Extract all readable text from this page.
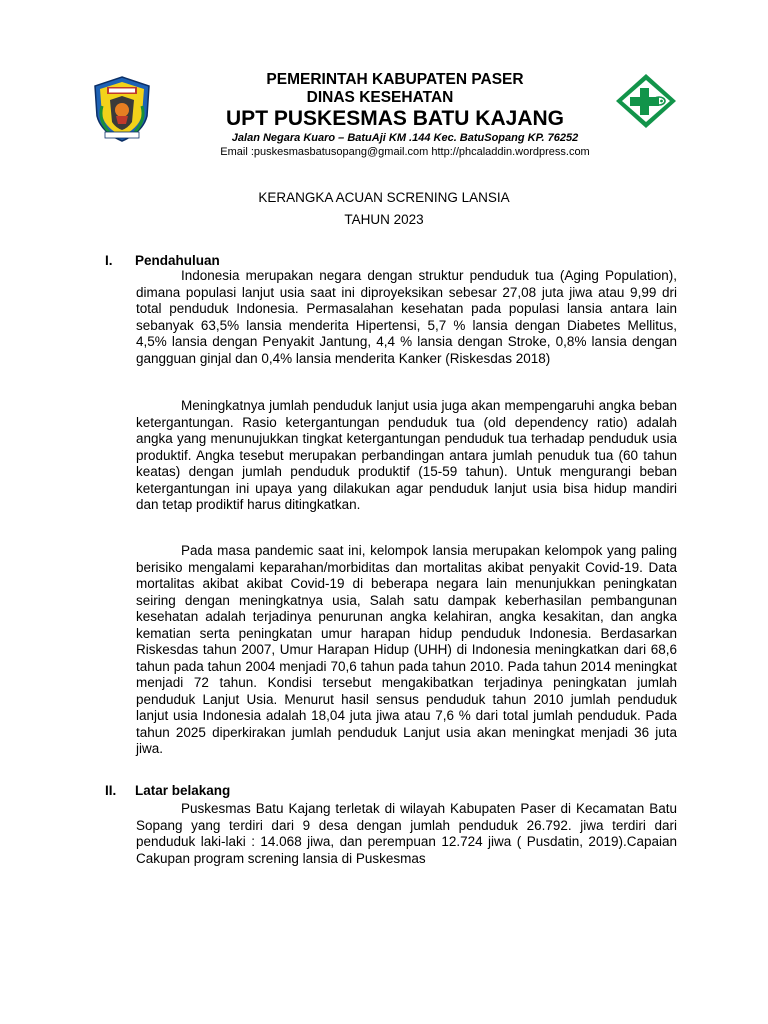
PEMERINTAH KABUPATEN PASER
DINAS KESEHATAN
UPT PUSKESMAS BATU KAJANG
Jalan Negara Kuaro – BatuAji KM .144 Kec. BatuSopang KP. 76252
Email :puskesmasbatusopang@gmail.com http://phcaladdin.wordpress.com
KERANGKA ACUAN SCRENING LANSIA
TAHUN 2023
I. Pendahuluan

Indonesia merupakan negara dengan struktur penduduk tua (Aging Population), dimana populasi lanjut usia saat ini diproyeksikan sebesar 27,08 juta jiwa atau 9,99 dri total penduduk Indonesia. Permasalahan kesehatan pada populasi lansia antara lain sebanyak 63,5% lansia menderita Hipertensi, 5,7 % lansia dengan Diabetes Mellitus, 4,5% lansia dengan Penyakit Jantung, 4,4 % lansia dengan Stroke, 0,8% lansia dengan gangguan ginjal dan 0,4% lansia menderita Kanker (Riskesdas 2018)

Meningkatnya jumlah penduduk lanjut usia juga akan mempengaruhi angka beban ketergantungan. Rasio ketergantungan penduduk tua (old dependency ratio) adalah angka yang menunujukkan tingkat ketergantungan penduduk tua terhadap penduduk usia produktif. Angka tesebut merupakan perbandingan antara jumlah penuduk tua (60 tahun keatas) dengan jumlah penduduk produktif (15-59 tahun). Untuk mengurangi beban ketergantungan ini upaya yang dilakukan agar penduduk lanjut usia bisa hidup mandiri dan tetap prodiktif harus ditingkatkan.

Pada masa pandemic saat ini, kelompok lansia merupakan kelompok yang paling berisiko mengalami keparahan/morbiditas dan mortalitas akibat penyakit Covid-19. Data mortalitas akibat akibat Covid-19 di beberapa negara lain menunjukkan peningkatan seiring dengan meningkatnya usia, Salah satu dampak keberhasilan pembangunan kesehatan adalah terjadinya penurunan angka kelahiran, angka kesakitan, dan angka kematian serta peningkatan umur harapan hidup penduduk Indonesia. Berdasarkan Riskesdas tahun 2007, Umur Harapan Hidup (UHH) di Indonesia meningkatkan dari 68,6 tahun pada tahun 2004 menjadi 70,6 tahun pada tahun 2010. Pada tahun 2014 meningkat menjadi 72 tahun. Kondisi tersebut mengakibatkan terjadinya peningkatan jumlah penduduk Lanjut Usia. Menurut hasil sensus penduduk tahun 2010 jumlah penduduk lanjut usia Indonesia adalah 18,04 juta jiwa atau 7,6 % dari total jumlah penduduk. Pada tahun 2025 diperkirakan jumlah penduduk Lanjut usia akan meningkat menjadi 36 juta jiwa.

II. Latar belakang

Puskesmas Batu Kajang terletak di wilayah Kabupaten Paser di Kecamatan Batu Sopang yang terdiri dari 9 desa dengan jumlah penduduk 26.792. jiwa terdiri dari penduduk laki-laki : 14.068 jiwa, dan perempuan 12.724 jiwa ( Pusdatin, 2019).Capaian Cakupan program screning lansia di Puskesmas
